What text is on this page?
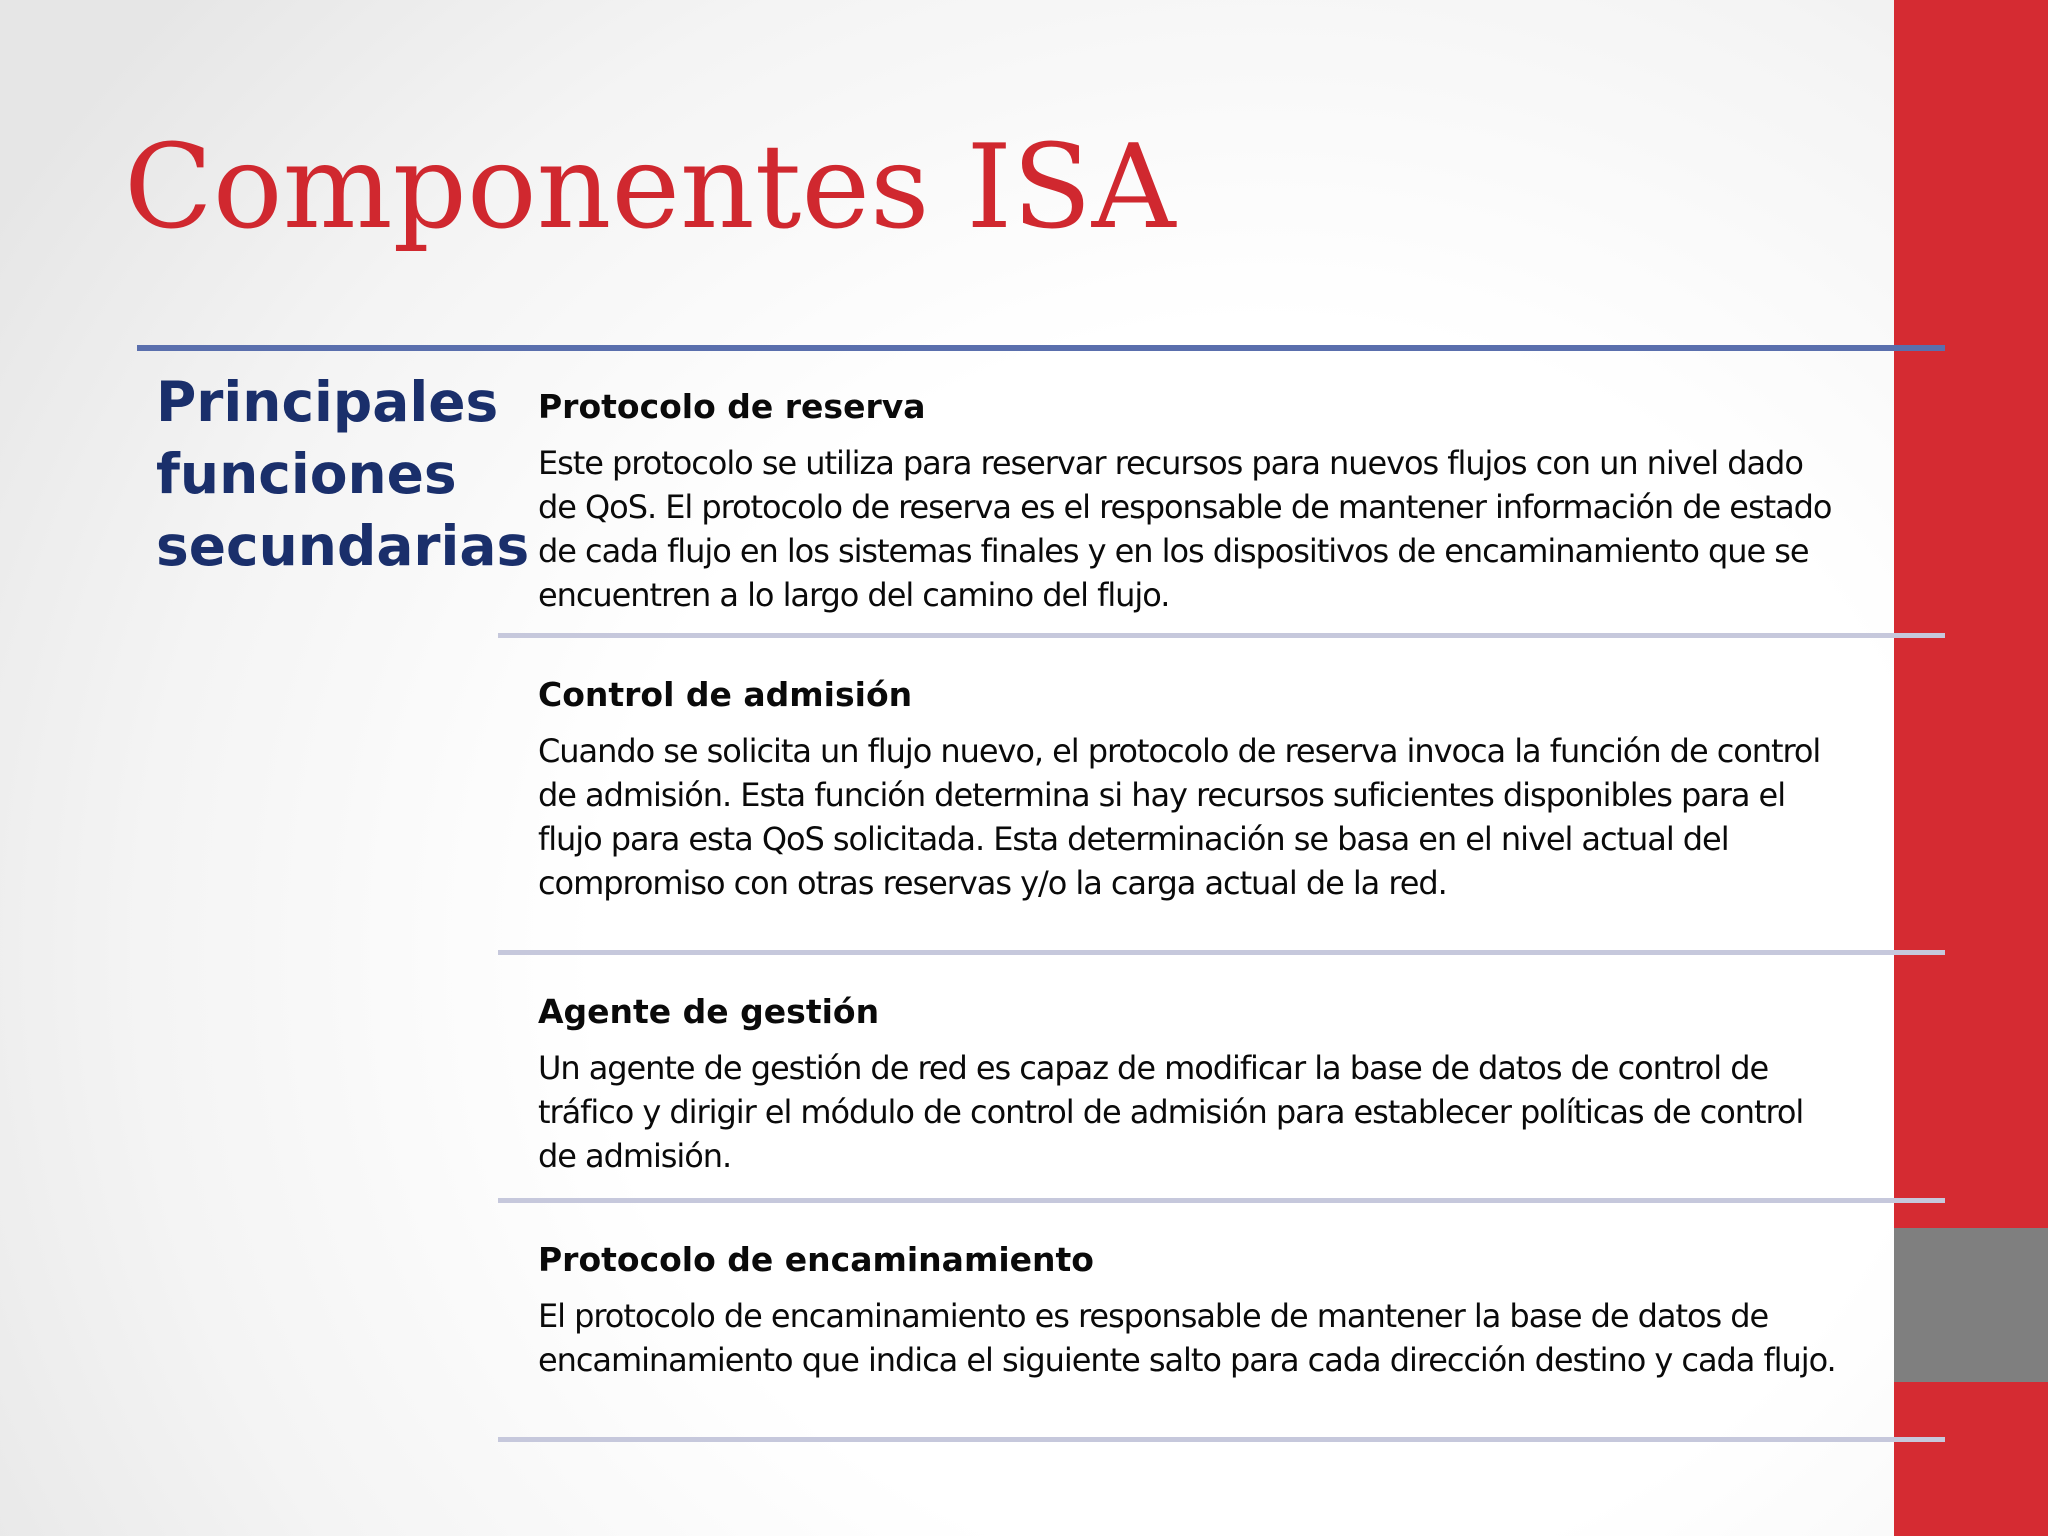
Componentes ISA
Principales
funciones
secundarias
Protocolo de reserva

Este protocolo se utiliza para reservar recursos para nuevos flujos con un nivel dado
de QoS. El protocolo de reserva es el responsable de mantener información de estado
de cada flujo en los sistemas finales y en los dispositivos de encaminamiento que se
encuentren a lo largo del camino del flujo.

Control de admisión

Cuando se solicita un flujo nuevo, el protocolo de reserva invoca la función de control
de admisión. Esta función determina si hay recursos suficientes disponibles para el
flujo para esta QoS solicitada. Esta determinación se basa en el nivel actual del
compromiso con otras reservas y/o la carga actual de la red.

Agente de gestión

Un agente de gestión de red es capaz de modificar la base de datos de control de
tráfico y dirigir el módulo de control de admisión para establecer políticas de control
de admisión.

Protocolo de encaminamiento

El protocolo de encaminamiento es responsable de mantener la base de datos de
encaminamiento que indica el siguiente salto para cada dirección destino y cada flujo.
